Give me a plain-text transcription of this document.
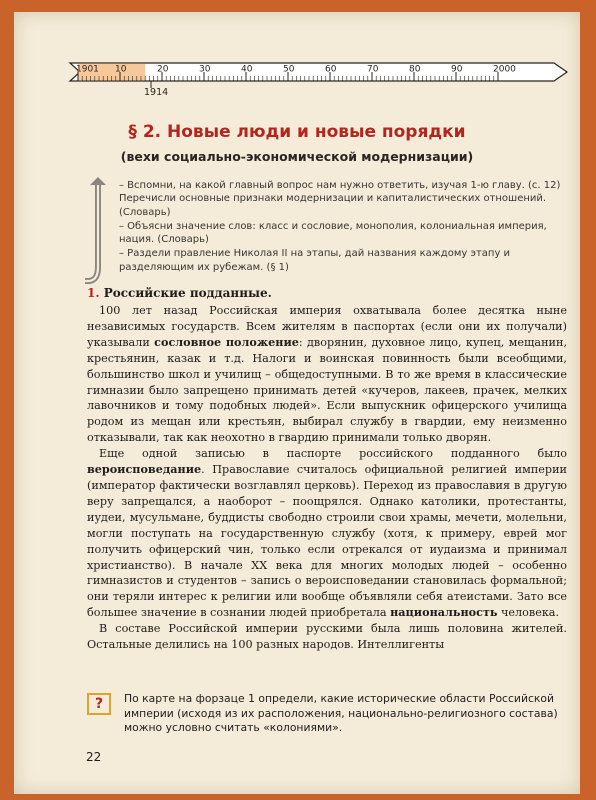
1901 10	20	30	40	50	60	70	80	90	2000
1914
§ 2. Новые люди и новые порядки
(вехи социально-экономической модернизации)

– Вспомни, на какой главный вопрос нам нужно ответить, изучая 1-ю главу. (с. 12) Перечисли основные признаки модернизации и капиталистических отношений. (Словарь)

– Объясни значение слов: класс и сословие, монополия, колониальная империя, нация. (Словарь)

– Раздели правление Николая II на этапы, дай названия каждому этапу и разделяющим их рубежам. (§ 1)

1. Российские подданные.

100 лет назад Российская империя охватывала более десятка ныне независимых государств. Всем жителям в паспортах (если они их получали) указывали сословное положение: дворянин, духовное лицо, купец, мещанин, крестьянин, казак и т.д. Налоги и воинская повинность были всеобщими, большинство школ и училищ – общедоступными. В то же время в классические гимназии было запрещено принимать детей «кучеров, лакеев, прачек, мелких лавочников и тому подобных людей». Если выпускник офицерского училища родом из мещан или крестьян, выбирал службу в гвардии, ему неизменно отказывали, так как неохотно в гвардию принимали только дворян.

Еще одной записью в паспорте российского подданного было вероисповедание. Православие считалось официальной религией империи (император фактически возглавлял церковь). Переход из православия в другую веру запрещался, а наоборот – поощрялся. Однако католики, протестанты, иудеи, мусульмане, буддисты свободно строили свои храмы, мечети, молельни, могли поступать на государственную службу (хотя, к примеру, еврей мог получить офицерский чин, только если отрекался от иудаизма и принимал христианство). В начале XX века для многих молодых людей – особенно гимназистов и студентов – запись о вероисповедании становилась формальной; они теряли интерес к религии или вообще объявляли себя атеистами. Зато все большее значение в сознании людей приобретала национальность человека.

В составе Российской империи русскими была лишь половина жителей. Остальные делились на 100 разных народов. Интеллигенты

?	По карте на форзаце 1 определи, какие исторические области Российской империи (исходя из их расположения, национально-религиозного состава) можно условно считать «колониями».
22
